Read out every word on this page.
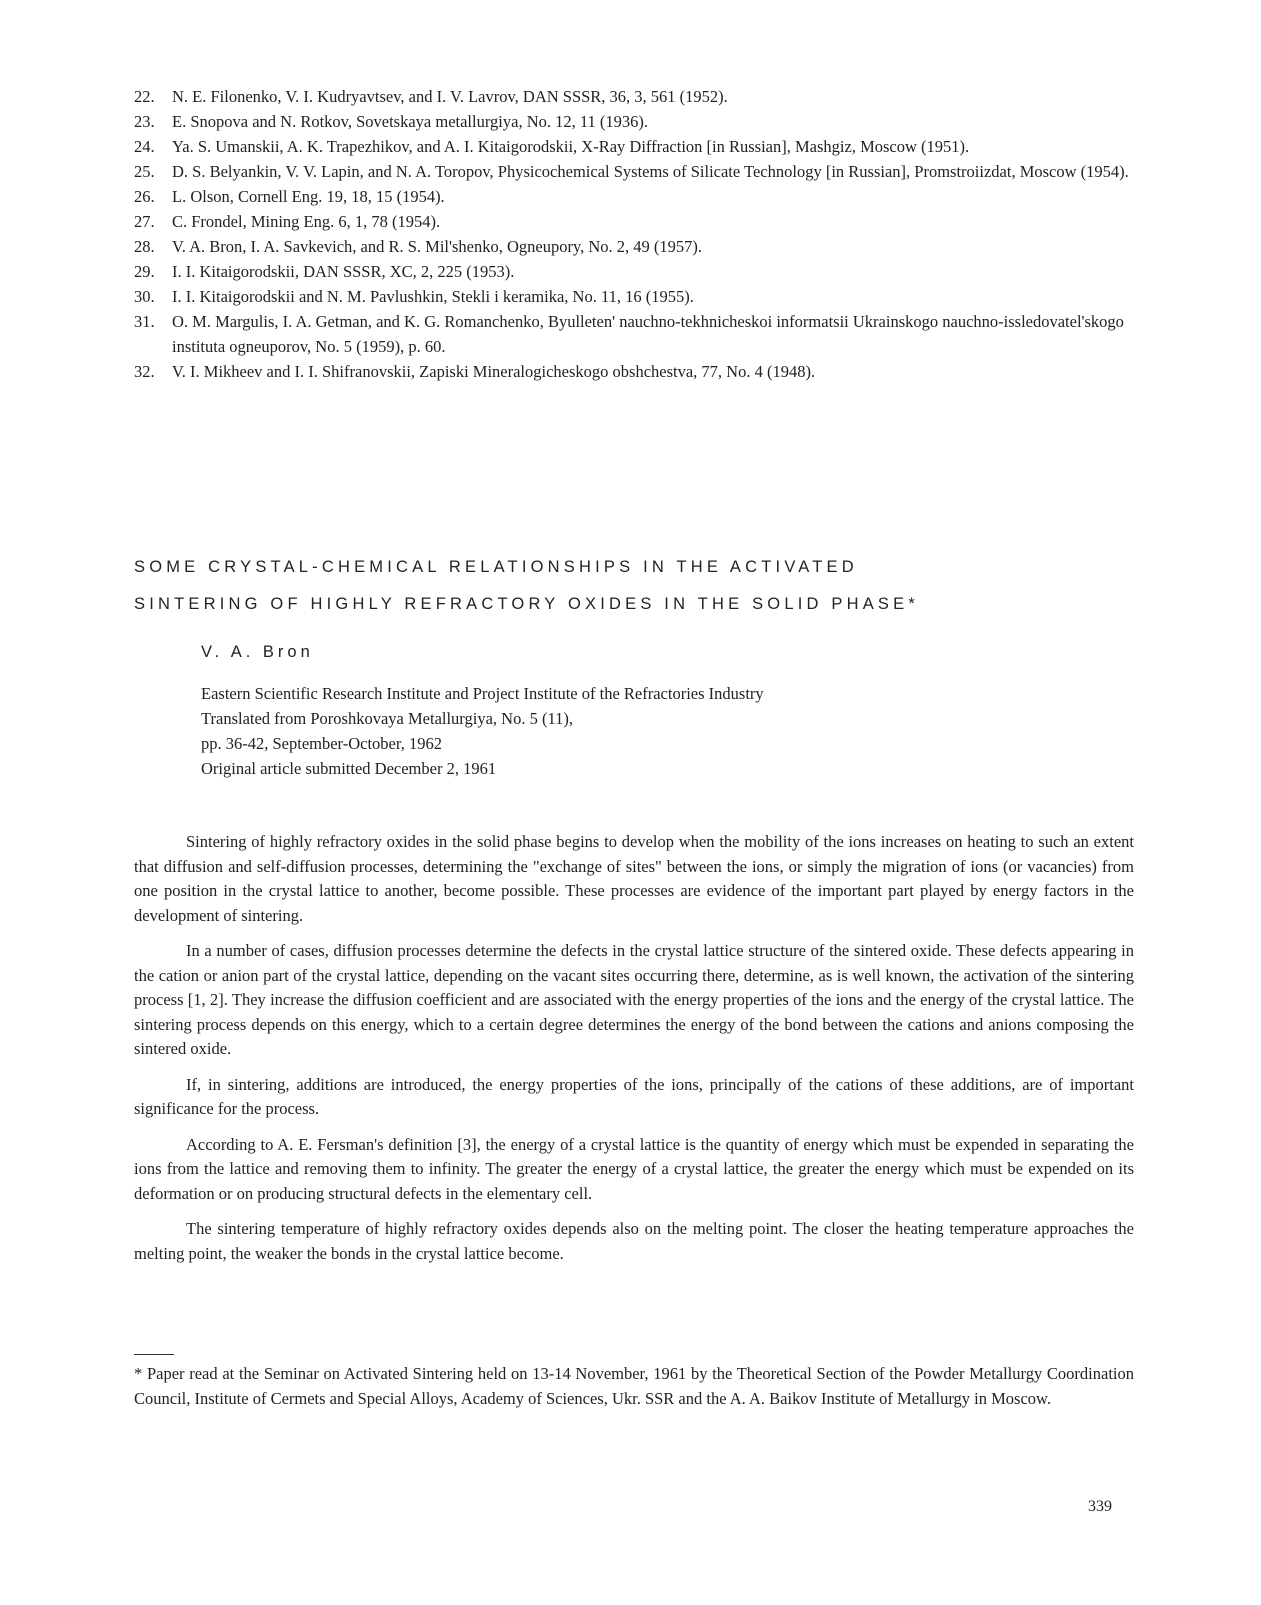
22.	N. E. Filonenko, V. I. Kudryavtsev, and I. V. Lavrov, DAN SSSR, 36, 3, 561 (1952).
23.	E. Snopova and N. Rotkov, Sovetskaya metallurgiya, No. 12, 11 (1936).
24.	Ya. S. Umanskii, A. K. Trapezhikov, and A. I. Kitaigorodskii, X-Ray Diffraction [in Russian], Mashgiz, Moscow (1951).
25.	D. S. Belyankin, V. V. Lapin, and N. A. Toropov, Physicochemical Systems of Silicate Technology [in Russian], Promstroiizdat, Moscow (1954).
26.	L. Olson, Cornell Eng. 19, 18, 15 (1954).
27.	C. Frondel, Mining Eng. 6, 1, 78 (1954).
28.	V. A. Bron, I. A. Savkevich, and R. S. Mil'shenko, Ogneupory, No. 2, 49 (1957).
29.	I. I. Kitaigorodskii, DAN SSSR, XC, 2, 225 (1953).
30.	I. I. Kitaigorodskii and N. M. Pavlushkin, Stekli i keramika, No. 11, 16 (1955).
31.	O. M. Margulis, I. A. Getman, and K. G. Romanchenko, Byulleten' nauchno-tekhnicheskoi informatsii Ukrainskogo nauchno-issledovatel'skogo instituta ogneuporov, No. 5 (1959), p. 60.
32.	V. I. Mikheev and I. I. Shifranovskii, Zapiski Mineralogicheskogo obshchestva, 77, No. 4 (1948).
SOME CRYSTAL-CHEMICAL RELATIONSHIPS IN THE ACTIVATED
SINTERING OF HIGHLY REFRACTORY OXIDES IN THE SOLID PHASE*
V. A. Bron
Eastern Scientific Research Institute and Project Institute of the Refractories Industry
Translated from Poroshkovaya Metallurgiya, No. 5 (11),
pp. 36-42, September-October, 1962
Original article submitted December 2, 1961

Sintering of highly refractory oxides in the solid phase begins to develop when the mobility of the ions increases on heating to such an extent that diffusion and self-diffusion processes, determining the "exchange of sites" between the ions, or simply the migration of ions (or vacancies) from one position in the crystal lattice to another, become possible. These processes are evidence of the important part played by energy factors in the development of sintering.

In a number of cases, diffusion processes determine the defects in the crystal lattice structure of the sintered oxide. These defects appearing in the cation or anion part of the crystal lattice, depending on the vacant sites occurring there, determine, as is well known, the activation of the sintering process [1, 2]. They increase the diffusion coefficient and are associated with the energy properties of the ions and the energy of the crystal lattice. The sintering process depends on this energy, which to a certain degree determines the energy of the bond between the cations and anions composing the sintered oxide.

If, in sintering, additions are introduced, the energy properties of the ions, principally of the cations of these additions, are of important significance for the process.

According to A. E. Fersman's definition [3], the energy of a crystal lattice is the quantity of energy which must be expended in separating the ions from the lattice and removing them to infinity. The greater the energy of a crystal lattice, the greater the energy which must be expended on its deformation or on producing structural defects in the elementary cell.

The sintering temperature of highly refractory oxides depends also on the melting point. The closer the heating temperature approaches the melting point, the weaker the bonds in the crystal lattice become.

* Paper read at the Seminar on Activated Sintering held on 13-14 November, 1961 by the Theoretical Section of the Powder Metallurgy Coordination Council, Institute of Cermets and Special Alloys, Academy of Sciences, Ukr. SSR and the A. A. Baikov Institute of Metallurgy in Moscow.
339
